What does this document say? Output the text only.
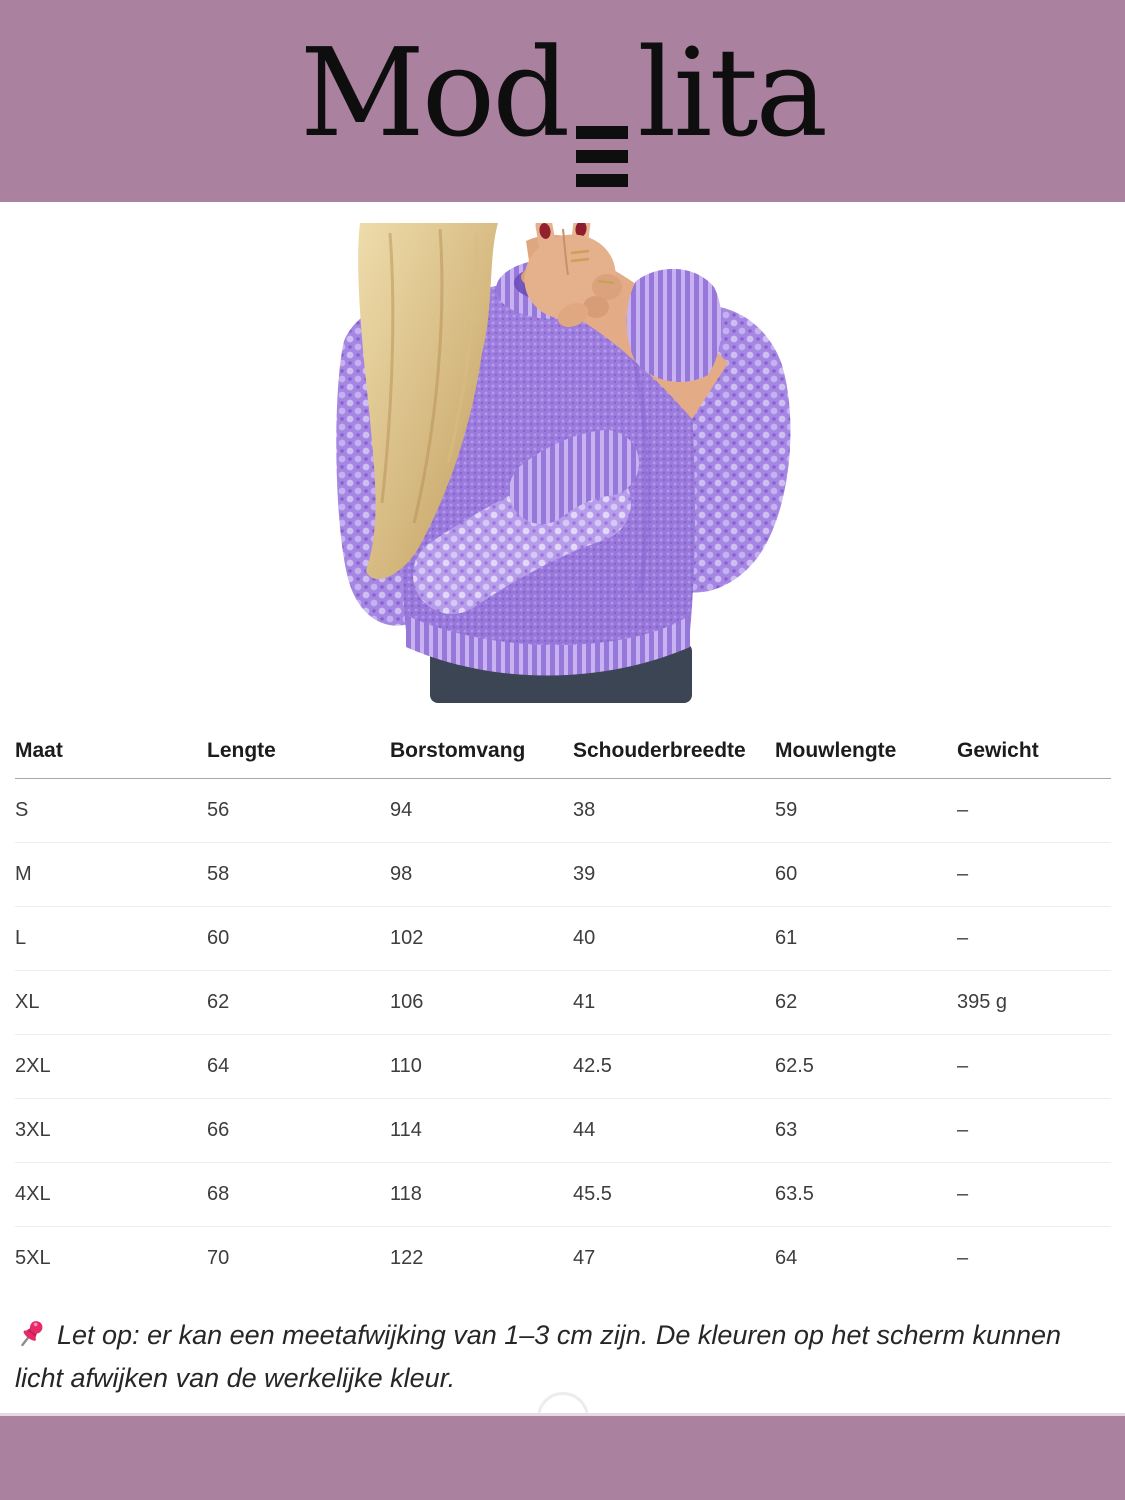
Mod lita
Maat	Lengte	Borstomvang	Schouderbreedte	Mouwlengte	Gewicht
S	56	94	38	59	–
M	58	98	39	60	–
L	60	102	40	61	–
XL	62	106	41	62	395 g
2XL	64	110	42.5	62.5	–
3XL	66	114	44	63	–
4XL	68	118	45.5	63.5	–
5XL	70	122	47	64	–

Let op: er kan een meetafwijking van 1–3 cm zijn. De kleuren op het scherm kunnen licht afwijken van de werkelijke kleur.
